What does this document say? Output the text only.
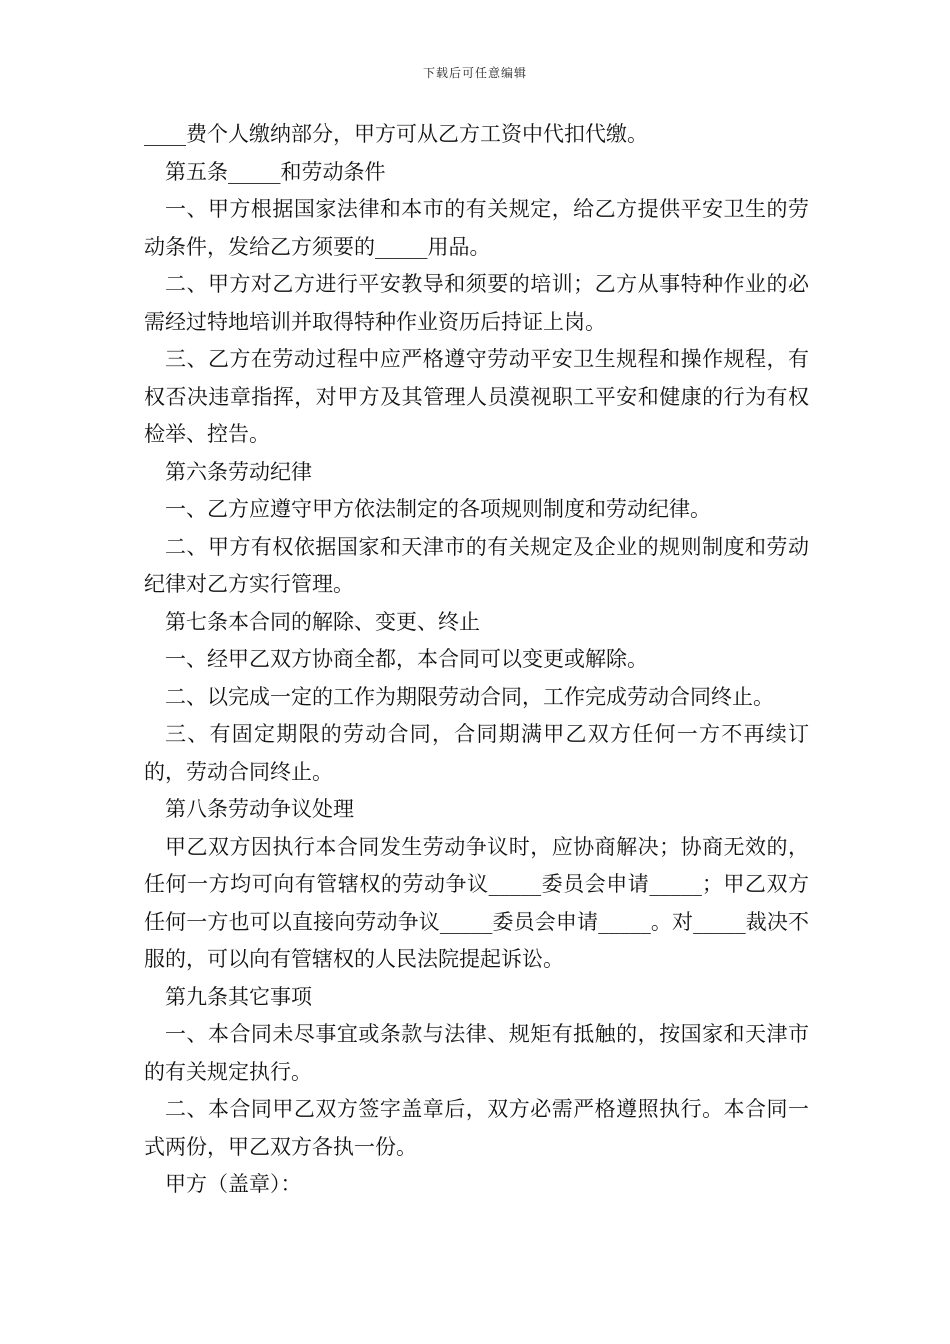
下载后可任意编辑

____费个人缴纳部分，甲方可从乙方工资中代扣代缴。

第五条_____和劳动条件

一、甲方根据国家法律和本市的有关规定，给乙方提供平安卫生的劳动条件，发给乙方须要的_____用品。

二、甲方对乙方进行平安教导和须要的培训；乙方从事特种作业的必需经过特地培训并取得特种作业资历后持证上岗。

三、乙方在劳动过程中应严格遵守劳动平安卫生规程和操作规程，有权否决违章指挥，对甲方及其管理人员漠视职工平安和健康的行为有权检举、控告。

第六条劳动纪律

一、乙方应遵守甲方依法制定的各项规则制度和劳动纪律。

二、甲方有权依据国家和天津市的有关规定及企业的规则制度和劳动纪律对乙方实行管理。

第七条本合同的解除、变更、终止

一、经甲乙双方协商全都，本合同可以变更或解除。

二、以完成一定的工作为期限劳动合同，工作完成劳动合同终止。

三、有固定期限的劳动合同，合同期满甲乙双方任何一方不再续订的，劳动合同终止。

第八条劳动争议处理

甲乙双方因执行本合同发生劳动争议时，应协商解决；协商无效的，任何一方均可向有管辖权的劳动争议_____委员会申请_____；甲乙双方任何一方也可以直接向劳动争议_____委员会申请_____。对_____裁决不服的，可以向有管辖权的人民法院提起诉讼。

第九条其它事项

一、本合同未尽事宜或条款与法律、规矩有抵触的，按国家和天津市的有关规定执行。

二、本合同甲乙双方签字盖章后，双方必需严格遵照执行。本合同一式两份，甲乙双方各执一份。

甲方（盖章）：
